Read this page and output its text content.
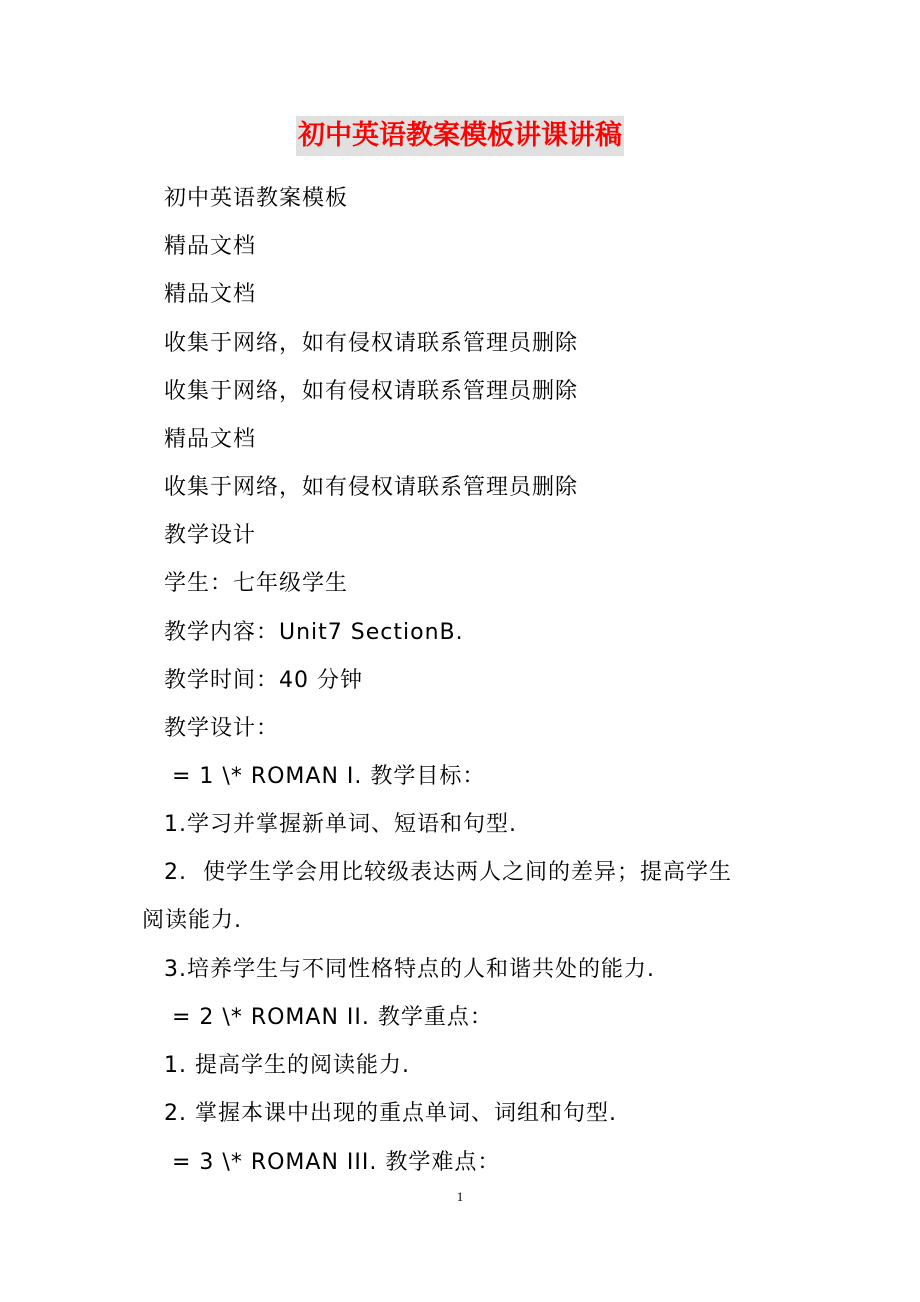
初中英语教案模板讲课讲稿
初中英语教案模板
精品文档
精品文档
收集于网络，如有侵权请联系管理员删除
收集于网络，如有侵权请联系管理员删除
精品文档
收集于网络，如有侵权请联系管理员删除
教学设计
学生：七年级学生
教学内容：Unit7 SectionB.
教学时间：40 分钟
教学设计：
= 1 \* ROMAN I. 教学目标：
1.学习并掌握新单词、短语和句型.
2.  使学生学会用比较级表达两人之间的差异；提高学生
阅读能力.
3.培养学生与不同性格特点的人和谐共处的能力.
= 2 \* ROMAN II. 教学重点：
1. 提高学生的阅读能力.
2. 掌握本课中出现的重点单词、词组和句型.
= 3 \* ROMAN III. 教学难点：
1
